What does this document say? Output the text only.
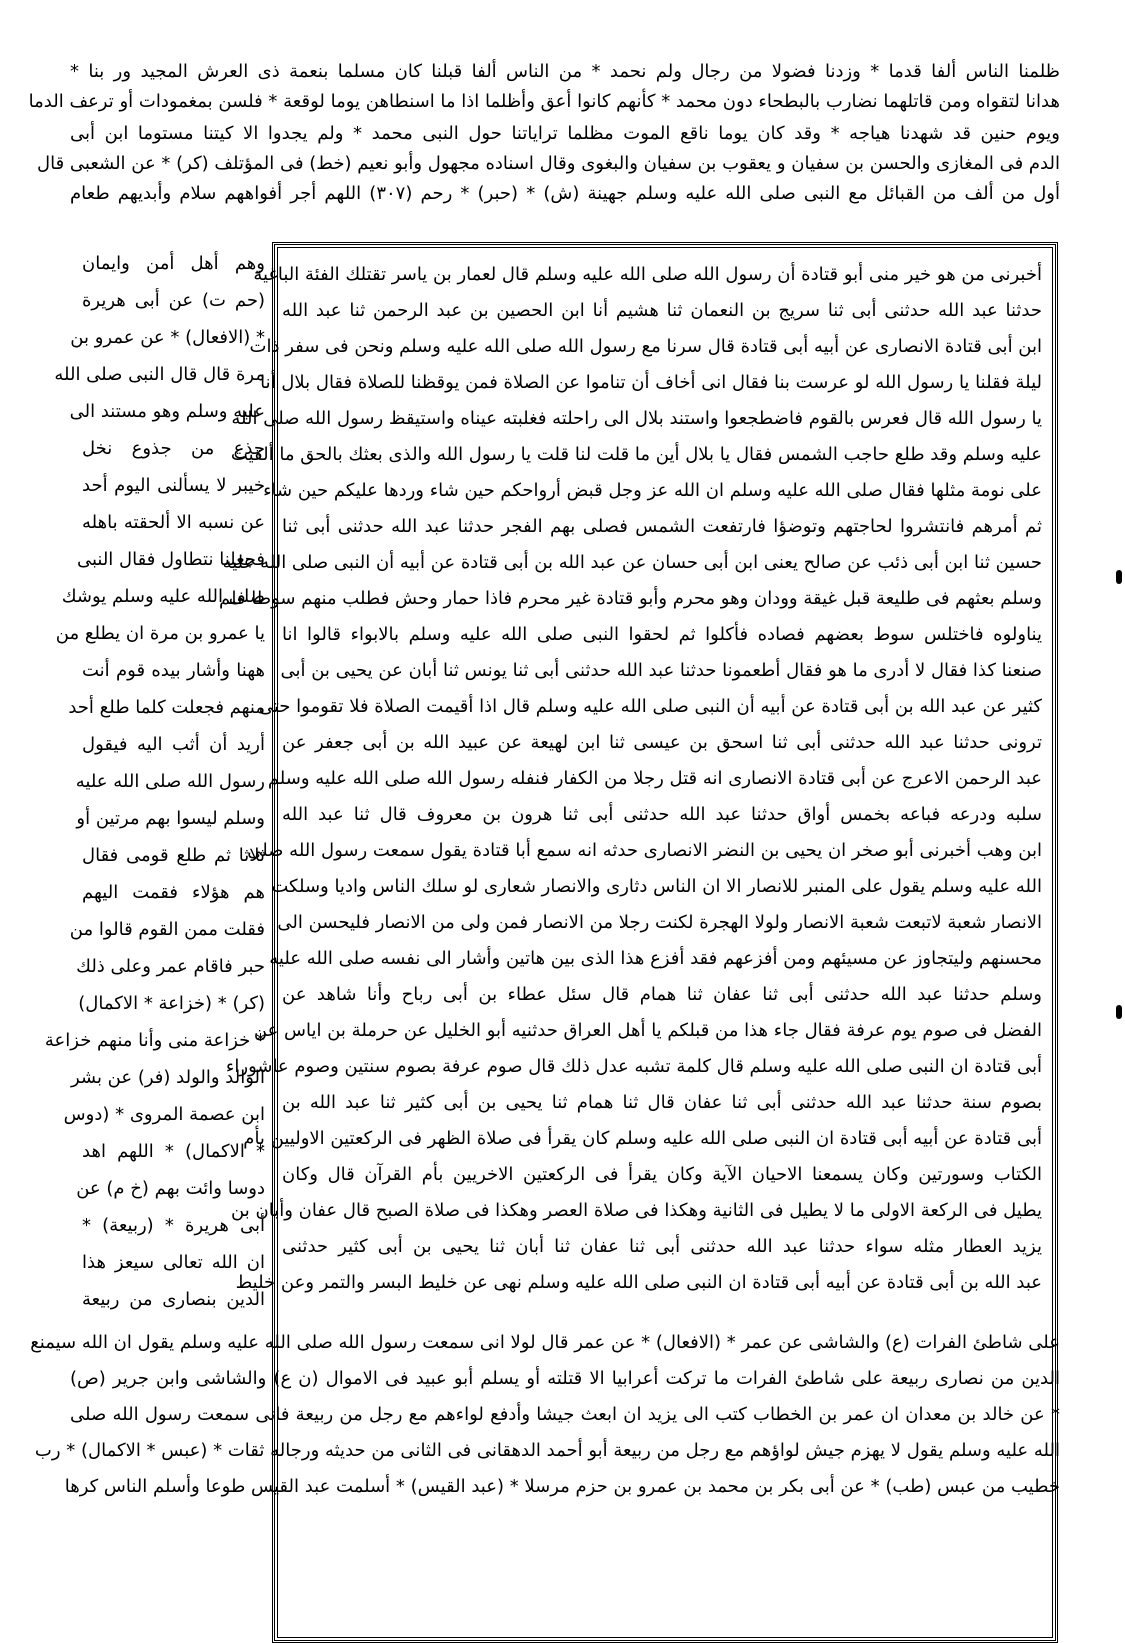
ظلمنا الناس ألفا قدما * وزدنا فضولا من رجال ولم نحمد * من الناس ألفا قبلنا كان مسلما بنعمة ذى العرش المجيد ور بنا *
هدانا لتقواه ومن قاتلهما نضارب بالبطحاء دون محمد * كأنهم كانوا أعق وأظلما اذا ما اسنطاهن يوما لوقعة * فلسن بمغمودات أو ترعف الدما
ويوم حنين قد شهدنا هياجه * وقد كان يوما ناقع الموت مظلما تراياتنا حول النبى محمد * ولم يجدوا الا كيتنا مستوما ابن أبى
الدم فى المغازى والحسن بن سفيان و يعقوب بن سفيان والبغوى وقال اسناده مجهول وأبو نعيم (خط) فى المؤتلف (كر) * عن الشعبى قال
أول من ألف من القبائل مع النبى صلى الله عليه وسلم جهينة (ش) * (حبر) * رحم (٣٠٧) اللهم أجر أفواههم سلام وأبديهم طعام
أخبرنى من هو خير منى أبو قتادة أن رسول الله صلى الله عليه وسلم قال لعمار بن ياسر تقتلك الفئة الباغية
حدثنا عبد الله حدثنى أبى ثنا سريج بن النعمان ثنا هشيم أنا ابن الحصين بن عبد الرحمن ثنا عبد الله
ابن أبى قتادة الانصارى عن أبيه أبى قتادة قال سرنا مع رسول الله صلى الله عليه وسلم ونحن فى سفر ذات
ليلة فقلنا يا رسول الله لو عرست بنا فقال انى أخاف أن تناموا عن الصلاة فمن يوقظنا للصلاة فقال بلال أنا
يا رسول الله قال فعرس بالقوم فاضطجعوا واستند بلال الى راحلته فغلبته عيناه واستيقظ رسول الله صلى الله
عليه وسلم وقد طلع حاجب الشمس فقال يا بلال أين ما قلت لنا قلت يا رسول الله والذى بعثك بالحق ما ألقيت
على نومة مثلها فقال صلى الله عليه وسلم ان الله عز وجل قبض أرواحكم حين شاء وردها عليكم حين شاء
ثم أمرهم فانتشروا لحاجتهم وتوضؤا فارتفعت الشمس فصلى بهم الفجر حدثنا عبد الله حدثنى أبى ثنا
حسين ثنا ابن أبى ذئب عن صالح يعنى ابن أبى حسان عن عبد الله بن أبى قتادة عن أبيه أن النبى صلى الله عليه
وسلم بعثهم فى طليعة قبل غيقة وودان وهو محرم وأبو قتادة غير محرم فاذا حمار وحش فطلب منهم سوطا فلم
يناولوه فاختلس سوط بعضهم فصاده فأكلوا ثم لحقوا النبى صلى الله عليه وسلم بالابواء قالوا انا
صنعنا كذا فقال لا أدرى ما هو فقال أطعمونا حدثنا عبد الله حدثنى أبى ثنا يونس ثنا أبان عن يحيى بن أبى
كثير عن عبد الله بن أبى قتادة عن أبيه أن النبى صلى الله عليه وسلم قال اذا أقيمت الصلاة فلا تقوموا حتى
ترونى حدثنا عبد الله حدثنى أبى ثنا اسحق بن عيسى ثنا ابن لهيعة عن عبيد الله بن أبى جعفر عن
عبد الرحمن الاعرج عن أبى قتادة الانصارى انه قتل رجلا من الكفار فنفله رسول الله صلى الله عليه وسلم
سلبه ودرعه فباعه بخمس أواق حدثنا عبد الله حدثنى أبى ثنا هرون بن معروف قال ثنا عبد الله
ابن وهب أخبرنى أبو صخر ان يحيى بن النضر الانصارى حدثه انه سمع أبا قتادة يقول سمعت رسول الله صلى
الله عليه وسلم يقول على المنبر للانصار الا ان الناس دثارى والانصار شعارى لو سلك الناس واديا وسلكت
الانصار شعبة لاتبعت شعبة الانصار ولولا الهجرة لكنت رجلا من الانصار فمن ولى من الانصار فليحسن الى
محسنهم وليتجاوز عن مسيئهم ومن أفزعهم فقد أفزع هذا الذى بين هاتين وأشار الى نفسه صلى الله عليه
وسلم حدثنا عبد الله حدثنى أبى ثنا عفان ثنا همام قال سئل عطاء بن أبى رباح وأنا شاهد عن
الفضل فى صوم يوم عرفة فقال جاء هذا من قبلكم يا أهل العراق حدثنيه أبو الخليل عن حرملة بن اياس عن
أبى قتادة ان النبى صلى الله عليه وسلم قال كلمة تشبه عدل ذلك قال صوم عرفة بصوم سنتين وصوم عاشوراء
بصوم سنة حدثنا عبد الله حدثنى أبى ثنا عفان قال ثنا همام ثنا يحيى بن أبى كثير ثنا عبد الله بن
أبى قتادة عن أبيه أبى قتادة ان النبى صلى الله عليه وسلم كان يقرأ فى صلاة الظهر فى الركعتين الاوليين بأم
الكتاب وسورتين وكان يسمعنا الاحيان الآية وكان يقرأ فى الركعتين الاخريين بأم القرآن قال وكان
يطيل فى الركعة الاولى ما لا يطيل فى الثانية وهكذا فى صلاة العصر وهكذا فى صلاة الصبح قال عفان وأبان بن
يزيد العطار مثله سواء حدثنا عبد الله حدثنى أبى ثنا عفان ثنا أبان ثنا يحيى بن أبى كثير حدثنى
عبد الله بن أبى قتادة عن أبيه أبى قتادة ان النبى صلى الله عليه وسلم نهى عن خليط البسر والتمر وعن خليط
وهم أهل أمن وايمان
(حم ت) عن أبى هريرة
* (الافعال) * عن عمرو بن
مرة قال قال النبى صلى الله
عليه وسلم وهو مستند الى
جذع من جذوع نخل
خيبر لا يسألنى اليوم أحد
عن نسبه الا ألحقته باهله
فجعلنا نتطاول فقال النبى
صلى الله عليه وسلم يوشك
يا عمرو بن مرة ان يطلع من
ههنا وأشار بيده قوم أنت
منهم فجعلت كلما طلع أحد
أريد أن أثب اليه فيقول
رسول الله صلى الله عليه
وسلم ليسوا بهم مرتين أو
ثلاثا ثم طلع قومى فقال
هم هؤلاء فقمت اليهم
فقلت ممن القوم قالوا من
حبر فاقام عمر وعلى ذلك
(كر) * (خزاعة * الاكمال)
* خزاعة منى وأنا منهم خزاعة
الوالد والولد (فر) عن بشر
ابن عصمة المروى * (دوس
* الاكمال) * اللهم اهد
دوسا وائت بهم (خ م) عن
أبى هريرة * (ربيعة) *
ان الله تعالى سيعز هذا
الدين بنصارى من ربيعة
على شاطئ الفرات (ع) والشاشى عن عمر * (الافعال) * عن عمر قال لولا انى سمعت رسول الله صلى الله عليه وسلم يقول ان الله سيمنع
الدين من نصارى ربيعة على شاطئ الفرات ما تركت أعرابيا الا قتلته أو يسلم أبو عبيد فى الاموال (ن ع) والشاشى وابن جرير (ص)
* عن خالد بن معدان ان عمر بن الخطاب كتب الى يزيد ان ابعث جيشا وأدفع لواءهم مع رجل من ربيعة فانى سمعت رسول الله صلى
الله عليه وسلم يقول لا يهزم جيش لواؤهم مع رجل من ربيعة أبو أحمد الدهقانى فى الثانى من حديثه ورجاله ثقات * (عبس * الاكمال) * رب
خطيب من عبس (طب) * عن أبى بكر بن محمد بن عمرو بن حزم مرسلا * (عبد القيس) * أسلمت عبد القيس طوعا وأسلم الناس كرها
